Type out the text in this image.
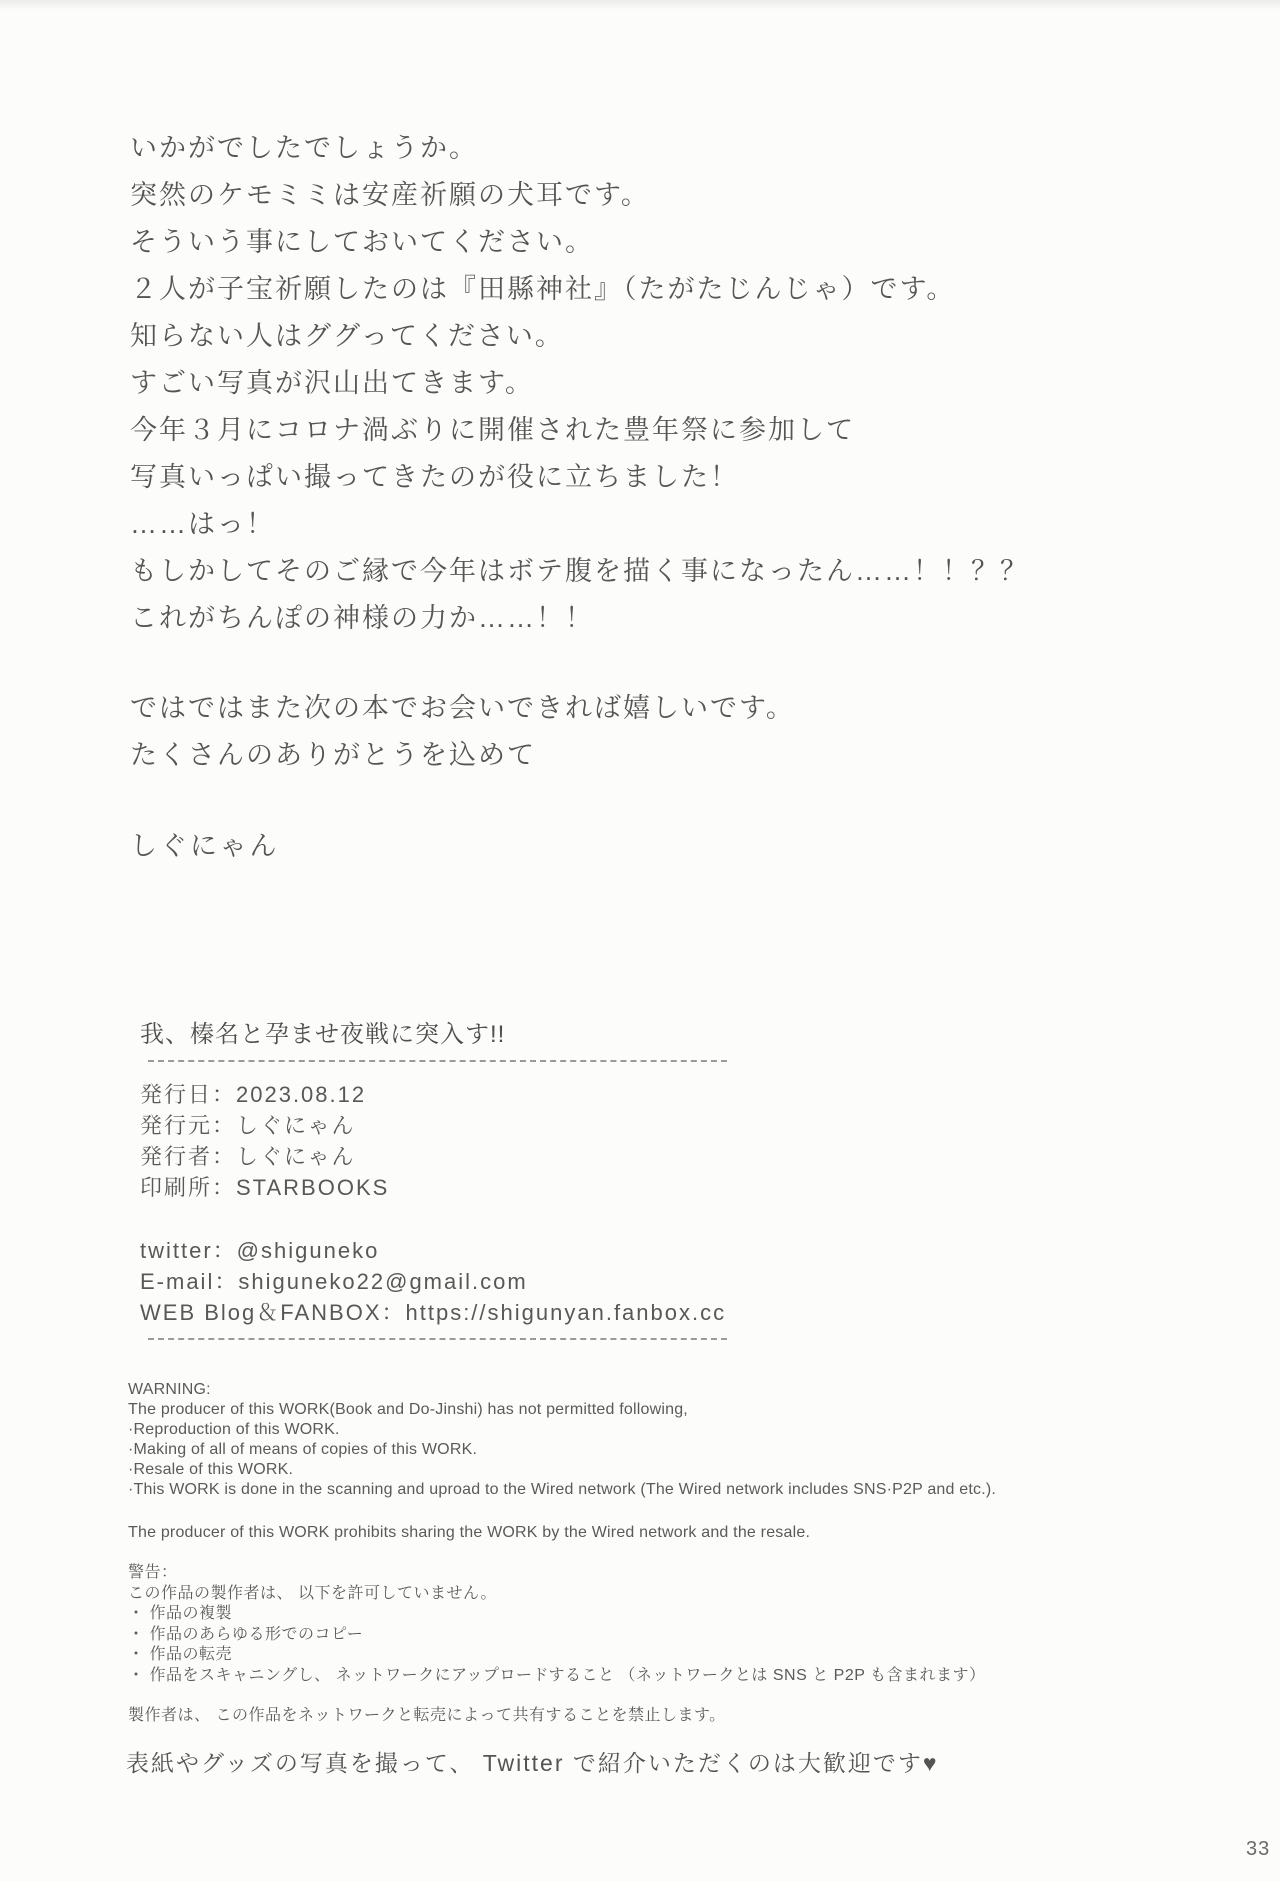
いかがでしたでしょうか。

突然のケモミミは安産祈願の犬耳です。

そういう事にしておいてください。

２人が子宝祈願したのは『田縣神社』（たがたじんじゃ）です。

知らない人はググってください。

すごい写真が沢山出てきます。

今年３月にコロナ渦ぶりに開催された豊年祭に参加して

写真いっぱい撮ってきたのが役に立ちました！

……はっ！

もしかしてそのご縁で今年はボテ腹を描く事になったん……！！？？

これがちんぽの神様の力か……！！

ではではまた次の本でお会いできれば嬉しいです。

たくさんのありがとうを込めて

しぐにゃん

我、榛名と孕ませ夜戦に突入す!!

発行日：2023.08.12

発行元：しぐにゃん

発行者：しぐにゃん

印刷所：STARBOOKS

twitter：@shiguneko

E-mail：shiguneko22@gmail.com

WEB Blog＆FANBOX：https://shigunyan.fanbox.cc

WARNING:

The producer of this WORK(Book and Do-Jinshi) has not permitted following,

·Reproduction of this WORK.

·Making of all of means of copies of this WORK.

·Resale of this WORK.

·This WORK is done in the scanning and uproad to the Wired network (The Wired network includes SNS·P2P and etc.).

The producer of this WORK prohibits sharing the WORK by the Wired network and the resale.

警告：

この作品の製作者は、 以下を許可していません。

・ 作品の複製

・ 作品のあらゆる形でのコピー

・ 作品の転売

・ 作品をスキャニングし、 ネットワークにアップロードすること （ネットワークとは SNS と P2P も含まれます）

製作者は、 この作品をネットワークと転売によって共有することを禁止します。

表紙やグッズの写真を撮って、 Twitter で紹介いただくのは大歓迎です♥

33
